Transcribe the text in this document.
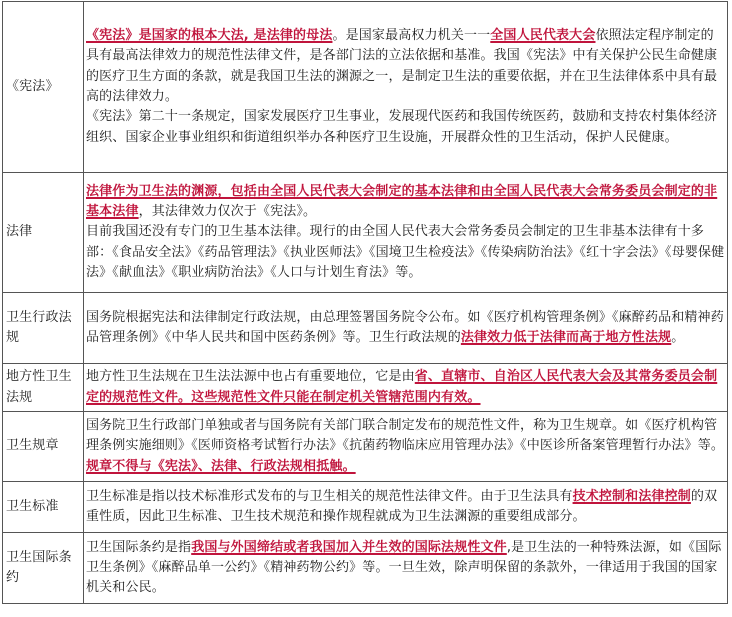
《宪法》	《宪法》是国家的根本大法, 是法律的母法。是国家最高权力机关一一全国人民代表大会依照法定程序制定的具有最高法律效力的规范性法律文件，是各部门法的立法依据和基准。我国《宪法》中有关保护公民生命健康的医疗卫生方面的条款，就是我国卫生法的渊源之一，是制定卫生法的重要依据，并在卫生法律体系中具有最高的法律效力。

《宪法》第二十一条规定，国家发展医疗卫生事业，发展现代医药和我国传统医药，鼓励和支持农村集体经济组织、国家企业事业组织和街道组织举办各种医疗卫生设施，开展群众性的卫生活动，保护人民健康。

法律	法律作为卫生法的渊源，包括由全国人民代表大会制定的基本法律和由全国人民代表大会常务委员会制定的非基本法律，其法律效力仅次于《宪法》。

目前我国还没有专门的卫生基本法律。现行的由全国人民代表大会常务委员会制定的卫生非基本法律有十多部：《食品安全法》《药品管理法》《执业医师法》《国境卫生检疫法》《传染病防治法》《红十字会法》《母婴保健法》《献血法》《职业病防治法》《人口与计划生育法》等。

卫生行政法规	国务院根据宪法和法律制定行政法规，由总理签署国务院令公布。如《医疗机构管理条例》《麻醉药品和精神药品管理条例》《中华人民共和国中医药条例》等。卫生行政法规的法律效力低于法律而高于地方性法规。

地方性卫生法规	地方性卫生法规在卫生法法源中也占有重要地位，它是由省、直辖市、自治区人民代表大会及其常务委员会制定的规范性文件。这些规范性文件只能在制定机关管辖范围内有效。

卫生规章	国务院卫生行政部门单独或者与国务院有关部门联合制定发布的规范性文件，称为卫生规章。如《医疗机构管理条例实施细则》《医师资格考试暂行办法》《抗菌药物临床应用管理办法》《中医诊所备案管理暂行办法》等。规章不得与《宪法》、法律、行政法规相抵触。

卫生标准	卫生标准是指以技术标准形式发布的与卫生相关的规范性法律文件。由于卫生法具有技术控制和法律控制的双重性质，因此卫生标准、卫生技术规范和操作规程就成为卫生法渊源的重要组成部分。

卫生国际条约	卫生国际条约是指我国与外国缔结或者我国加入并生效的国际法规性文件,是卫生法的一种特殊法源，如《国际卫生条例》《麻醉品单一公约》《精神药物公约》等。一旦生效，除声明保留的条款外，一律适用于我国的国家机关和公民。
